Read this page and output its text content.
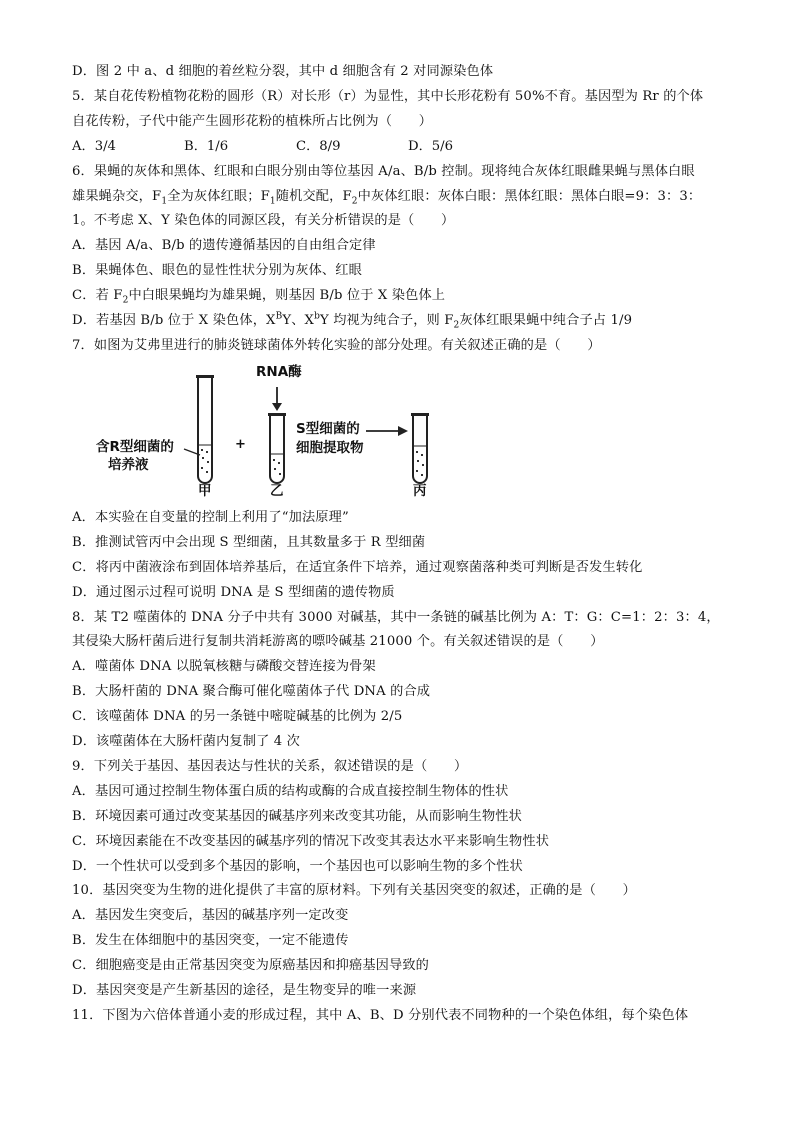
D．图 2 中 a、d 细胞的着丝粒分裂，其中 d 细胞含有 2 对同源染色体
5．某自花传粉植物花粉的圆形（R）对长形（r）为显性，其中长形花粉有 50%不育。基因型为 Rr 的个体
自花传粉，子代中能产生圆形花粉的植株所占比例为（　　）
A．3/4	B．1/6	C．8/9	D．5/6
6．果蝇的灰体和黑体、红眼和白眼分别由等位基因 A/a、B/b 控制。现将纯合灰体红眼雌果蝇与黑体白眼
雄果蝇杂交，$F_1$全为灰体红眼；$F_1$随机交配，$F_2$中灰体红眼：灰体白眼：黑体红眼：黑体白眼=9：3：3：
1。不考虑 X、Y 染色体的同源区段，有关分析错误的是（　　）
A．基因 A/a、B/b 的遗传遵循基因的自由组合定律
B．果蝇体色、眼色的显性性状分别为灰体、红眼
C．若 $F_2$中白眼果蝇均为雄果蝇，则基因 B/b 位于 X 染色体上
D．若基因 B/b 位于 X 染色体，$X^BY$、$X^bY$ 均视为纯合子，则 $F_2$灰体红眼果蝇中纯合子占 1/9
7．如图为艾弗里进行的肺炎链球菌体外转化实验的部分处理。有关叙述正确的是（　　）
RNA酶
含R型细菌的
培养液
+
S型细菌的
细胞提取物
甲	乙	丙
A．本实验在自变量的控制上利用了“加法原理”
B．推测试管丙中会出现 S 型细菌，且其数量多于 R 型细菌
C．将丙中菌液涂布到固体培养基后，在适宜条件下培养，通过观察菌落种类可判断是否发生转化
D．通过图示过程可说明 DNA 是 S 型细菌的遗传物质
8．某 T2 噬菌体的 DNA 分子中共有 3000 对碱基，其中一条链的碱基比例为 A：T：G：C=1：2：3：4，
其侵染大肠杆菌后进行复制共消耗游离的嘌呤碱基 21000 个。有关叙述错误的是（　　）
A．噬菌体 DNA 以脱氧核糖与磷酸交替连接为骨架
B．大肠杆菌的 DNA 聚合酶可催化噬菌体子代 DNA 的合成
C．该噬菌体 DNA 的另一条链中嘧啶碱基的比例为 2/5
D．该噬菌体在大肠杆菌内复制了 4 次
9．下列关于基因、基因表达与性状的关系，叙述错误的是（　　）
A．基因可通过控制生物体蛋白质的结构或酶的合成直接控制生物体的性状
B．环境因素可通过改变某基因的碱基序列来改变其功能，从而影响生物性状
C．环境因素能在不改变基因的碱基序列的情况下改变其表达水平来影响生物性状
D．一个性状可以受到多个基因的影响，一个基因也可以影响生物的多个性状
10．基因突变为生物的进化提供了丰富的原材料。下列有关基因突变的叙述，正确的是（　　）
A．基因发生突变后，基因的碱基序列一定改变
B．发生在体细胞中的基因突变，一定不能遗传
C．细胞癌变是由正常基因突变为原癌基因和抑癌基因导致的
D．基因突变是产生新基因的途径，是生物变异的唯一来源
11．下图为六倍体普通小麦的形成过程，其中 A、B、D 分别代表不同物种的一个染色体组，每个染色体
